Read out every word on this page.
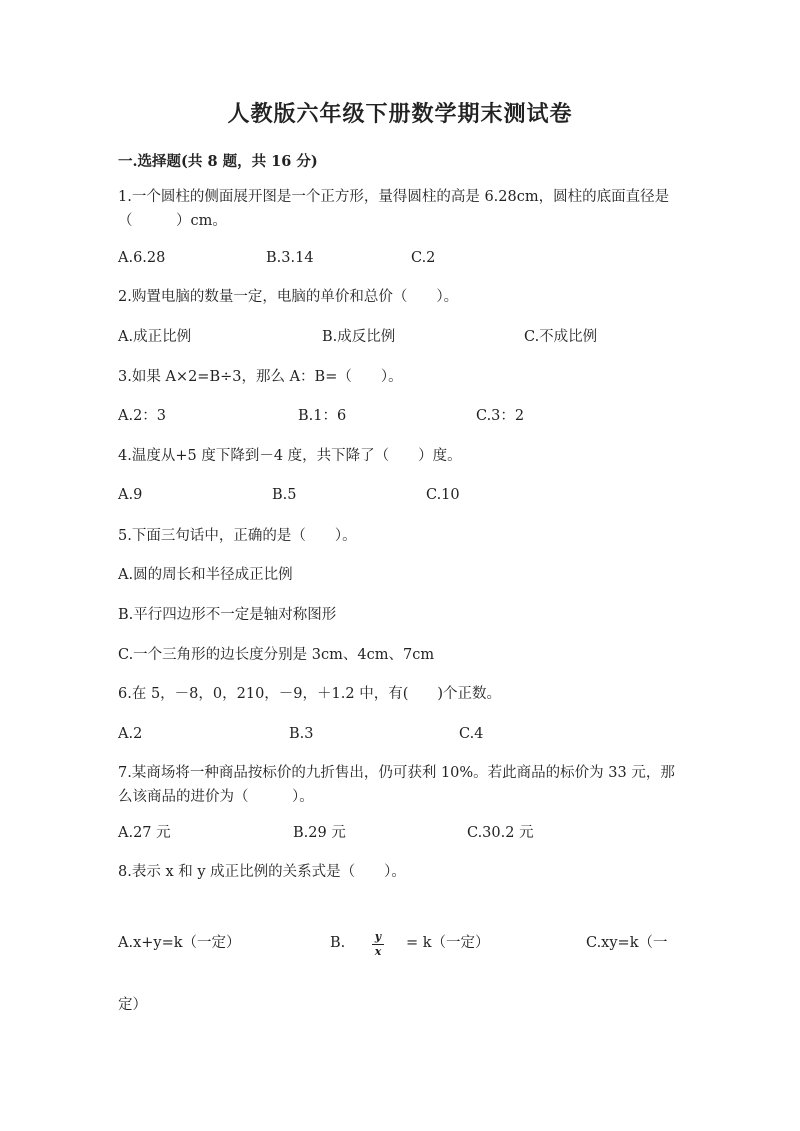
人教版六年级下册数学期末测试卷
一.选择题(共 8 题，共 16 分)
1.一个圆柱的侧面展开图是一个正方形，量得圆柱的高是 6.28cm，圆柱的底面直径是（　　　）cm。
A.6.28	B.3.14	C.2
2.购置电脑的数量一定，电脑的单价和总价（　　）。
A.成正比例	B.成反比例	C.不成比例
3.如果 A×2=B÷3，那么 A：B=（　　）。
A.2：3	B.1：6	C.3：2
4.温度从+5 度下降到－4 度，共下降了（　　）度。
A.9	B.5	C.10
5.下面三句话中，正确的是（　　）。
A.圆的周长和半径成正比例
B.平行四边形不一定是轴对称图形
C.一个三角形的边长度分别是 3cm、4cm、7cm
6.在 5，－8，0，210，－9，＋1.2 中，有(　　)个正数。
A.2	B.3	C.4
7.某商场将一种商品按标价的九折售出，仍可获利 10%。若此商品的标价为 33 元，那么该商品的进价为（　　　）。
A.27 元	B.29 元	C.30.2 元
8.表示 x 和 y 成正比例的关系式是（　　）。
A.x+y=k（一定）	B.	y
x
= k（一定）	C.xy=k（一
定）
